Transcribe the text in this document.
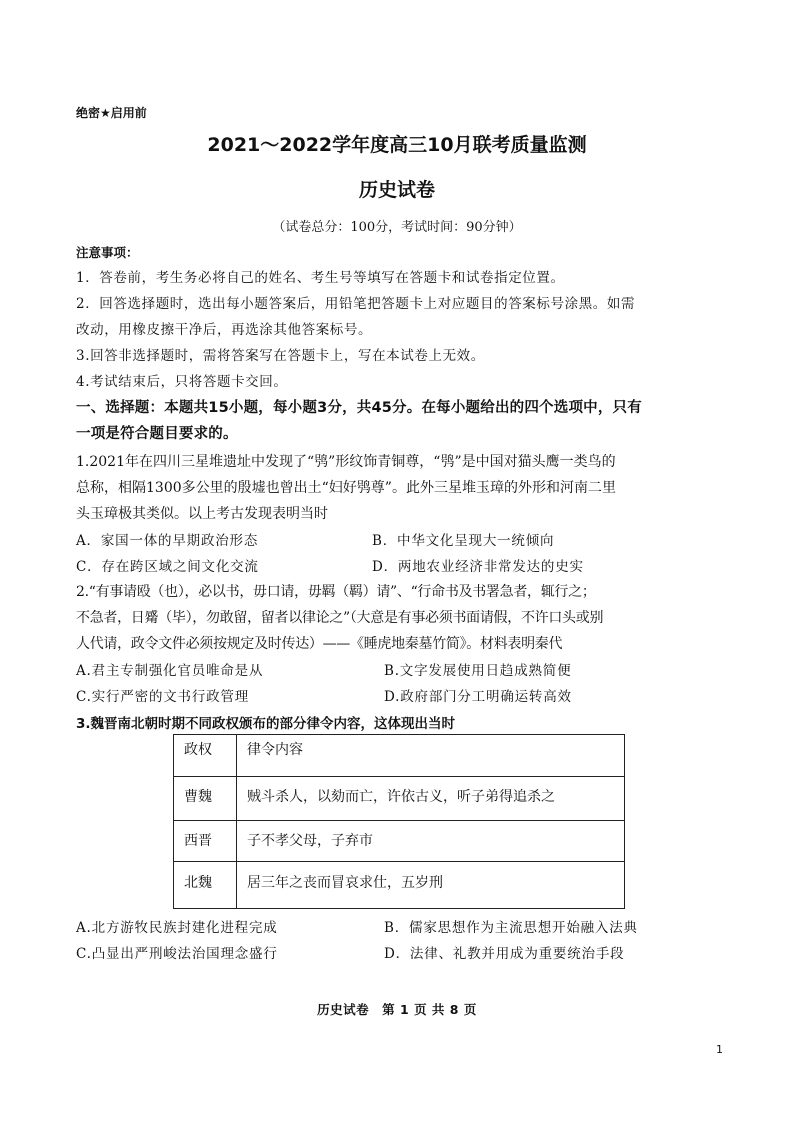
绝密★启用前
2021～2022学年度高三10月联考质量监测
历史试卷
（试卷总分：100分，考试时间：90分钟）
注意事项：
1．答卷前，考生务必将自己的姓名、考生号等填写在答题卡和试卷指定位置。
2．回答选择题时，选出每小题答案后，用铅笔把答题卡上对应题目的答案标号涂黑。如需
改动，用橡皮擦干净后，再选涂其他答案标号。
3.回答非选择题时，需将答案写在答题卡上，写在本试卷上无效。
4.考试结束后，只将答题卡交回。
一、选择题：本题共15小题，每小题3分，共45分。在每小题给出的四个选项中，只有
一项是符合题目要求的。
1.2021年在四川三星堆遗址中发现了“鸮”形纹饰青铜尊，“鸮”是中国对猫头鹰一类鸟的
总称，相隔1300多公里的殷墟也曾出土“妇好鸮尊”。此外三星堆玉璋的外形和河南二里
头玉璋极其类似。以上考古发现表明当时
A．家国一体的早期政治形态	B．中华文化呈现大一统倾向
C．存在跨区域之间文化交流	D．两地农业经济非常发达的史实
2.“有事请殴（也），必以书，毋口请，毋羁（羁）请”、“行命书及书署急者，辄行之；
不急者，日觱（毕），勿敢留，留者以律论之”（大意是有事必须书面请假，不许口头或别
人代请，政令文件必须按规定及时传达）——《睡虎地秦墓竹简》。材料表明秦代
A.君主专制强化官员唯命是从	B.文字发展使用日趋成熟简便
C.实行严密的文书行政管理	D.政府部门分工明确运转高效
3.魏晋南北朝时期不同政权颁布的部分律令内容，这体现出当时
政权	律令内容
曹魏	贼斗杀人，以劾而亡，许依古义，听子弟得追杀之
西晋	子不孝父母，子弃市
北魏	居三年之丧而冒哀求仕，五岁刑
A.北方游牧民族封建化进程完成	B．儒家思想作为主流思想开始融入法典
C.凸显出严刑峻法治国理念盛行	D．法律、礼教并用成为重要统治手段
历史试卷　第 1 页 共 8 页
1
